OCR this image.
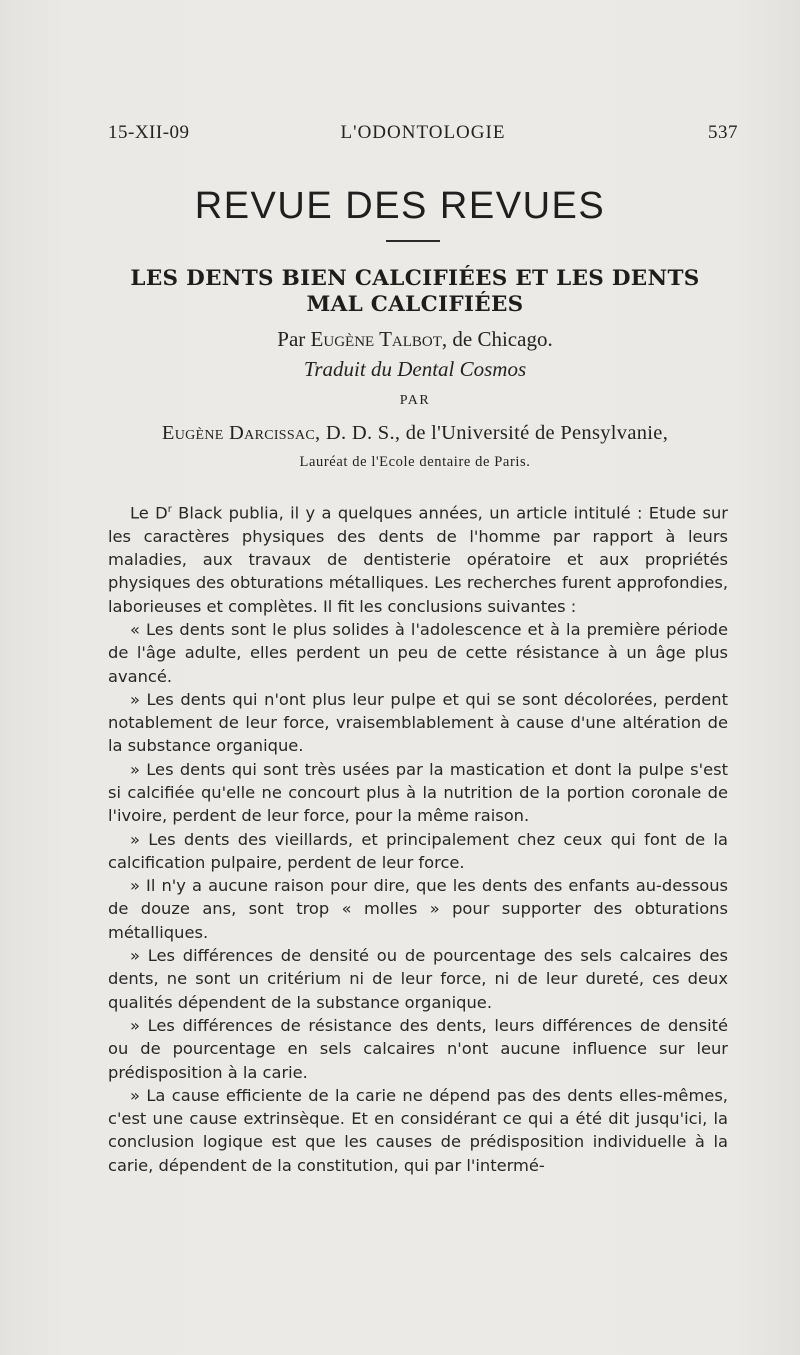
15-XII-09	L'ODONTOLOGIE	537
REVUE DES REVUES
LES DENTS BIEN CALCIFIÉES ET LES DENTS MAL CALCIFIÉES
Par Eugène Talbot, de Chicago.
Traduit du Dental Cosmos
PAR
Eugène Darcissac, D. D. S., de l'Université de Pensylvanie,
Lauréat de l'Ecole dentaire de Paris.

Le $D^r$ Black publia, il y a quelques années, un article intitulé : Etude sur les caractères physiques des dents de l'homme par rapport à leurs maladies, aux travaux de dentisterie opératoire et aux propriétés physiques des obturations métalliques. Les recherches furent approfondies, laborieuses et complètes. Il fit les conclusions suivantes :

« Les dents sont le plus solides à l'adolescence et à la première période de l'âge adulte, elles perdent un peu de cette résistance à un âge plus avancé.

» Les dents qui n'ont plus leur pulpe et qui se sont décolorées, perdent notablement de leur force, vraisemblablement à cause d'une altération de la substance organique.

» Les dents qui sont très usées par la mastication et dont la pulpe s'est si calcifiée qu'elle ne concourt plus à la nutrition de la portion coronale de l'ivoire, perdent de leur force, pour la même raison.

» Les dents des vieillards, et principalement chez ceux qui font de la calcification pulpaire, perdent de leur force.

» Il n'y a aucune raison pour dire, que les dents des enfants au-dessous de douze ans, sont trop « molles » pour supporter des obturations métalliques.

» Les différences de densité ou de pourcentage des sels calcaires des dents, ne sont un critérium ni de leur force, ni de leur dureté, ces deux qualités dépendent de la substance organique.

» Les différences de résistance des dents, leurs différences de densité ou de pourcentage en sels calcaires n'ont aucune influence sur leur prédisposition à la carie.

» La cause efficiente de la carie ne dépend pas des dents elles-mêmes, c'est une cause extrinsèque. Et en considérant ce qui a été dit jusqu'ici, la conclusion logique est que les causes de prédisposition individuelle à la carie, dépendent de la constitution, qui par l'intermé-
